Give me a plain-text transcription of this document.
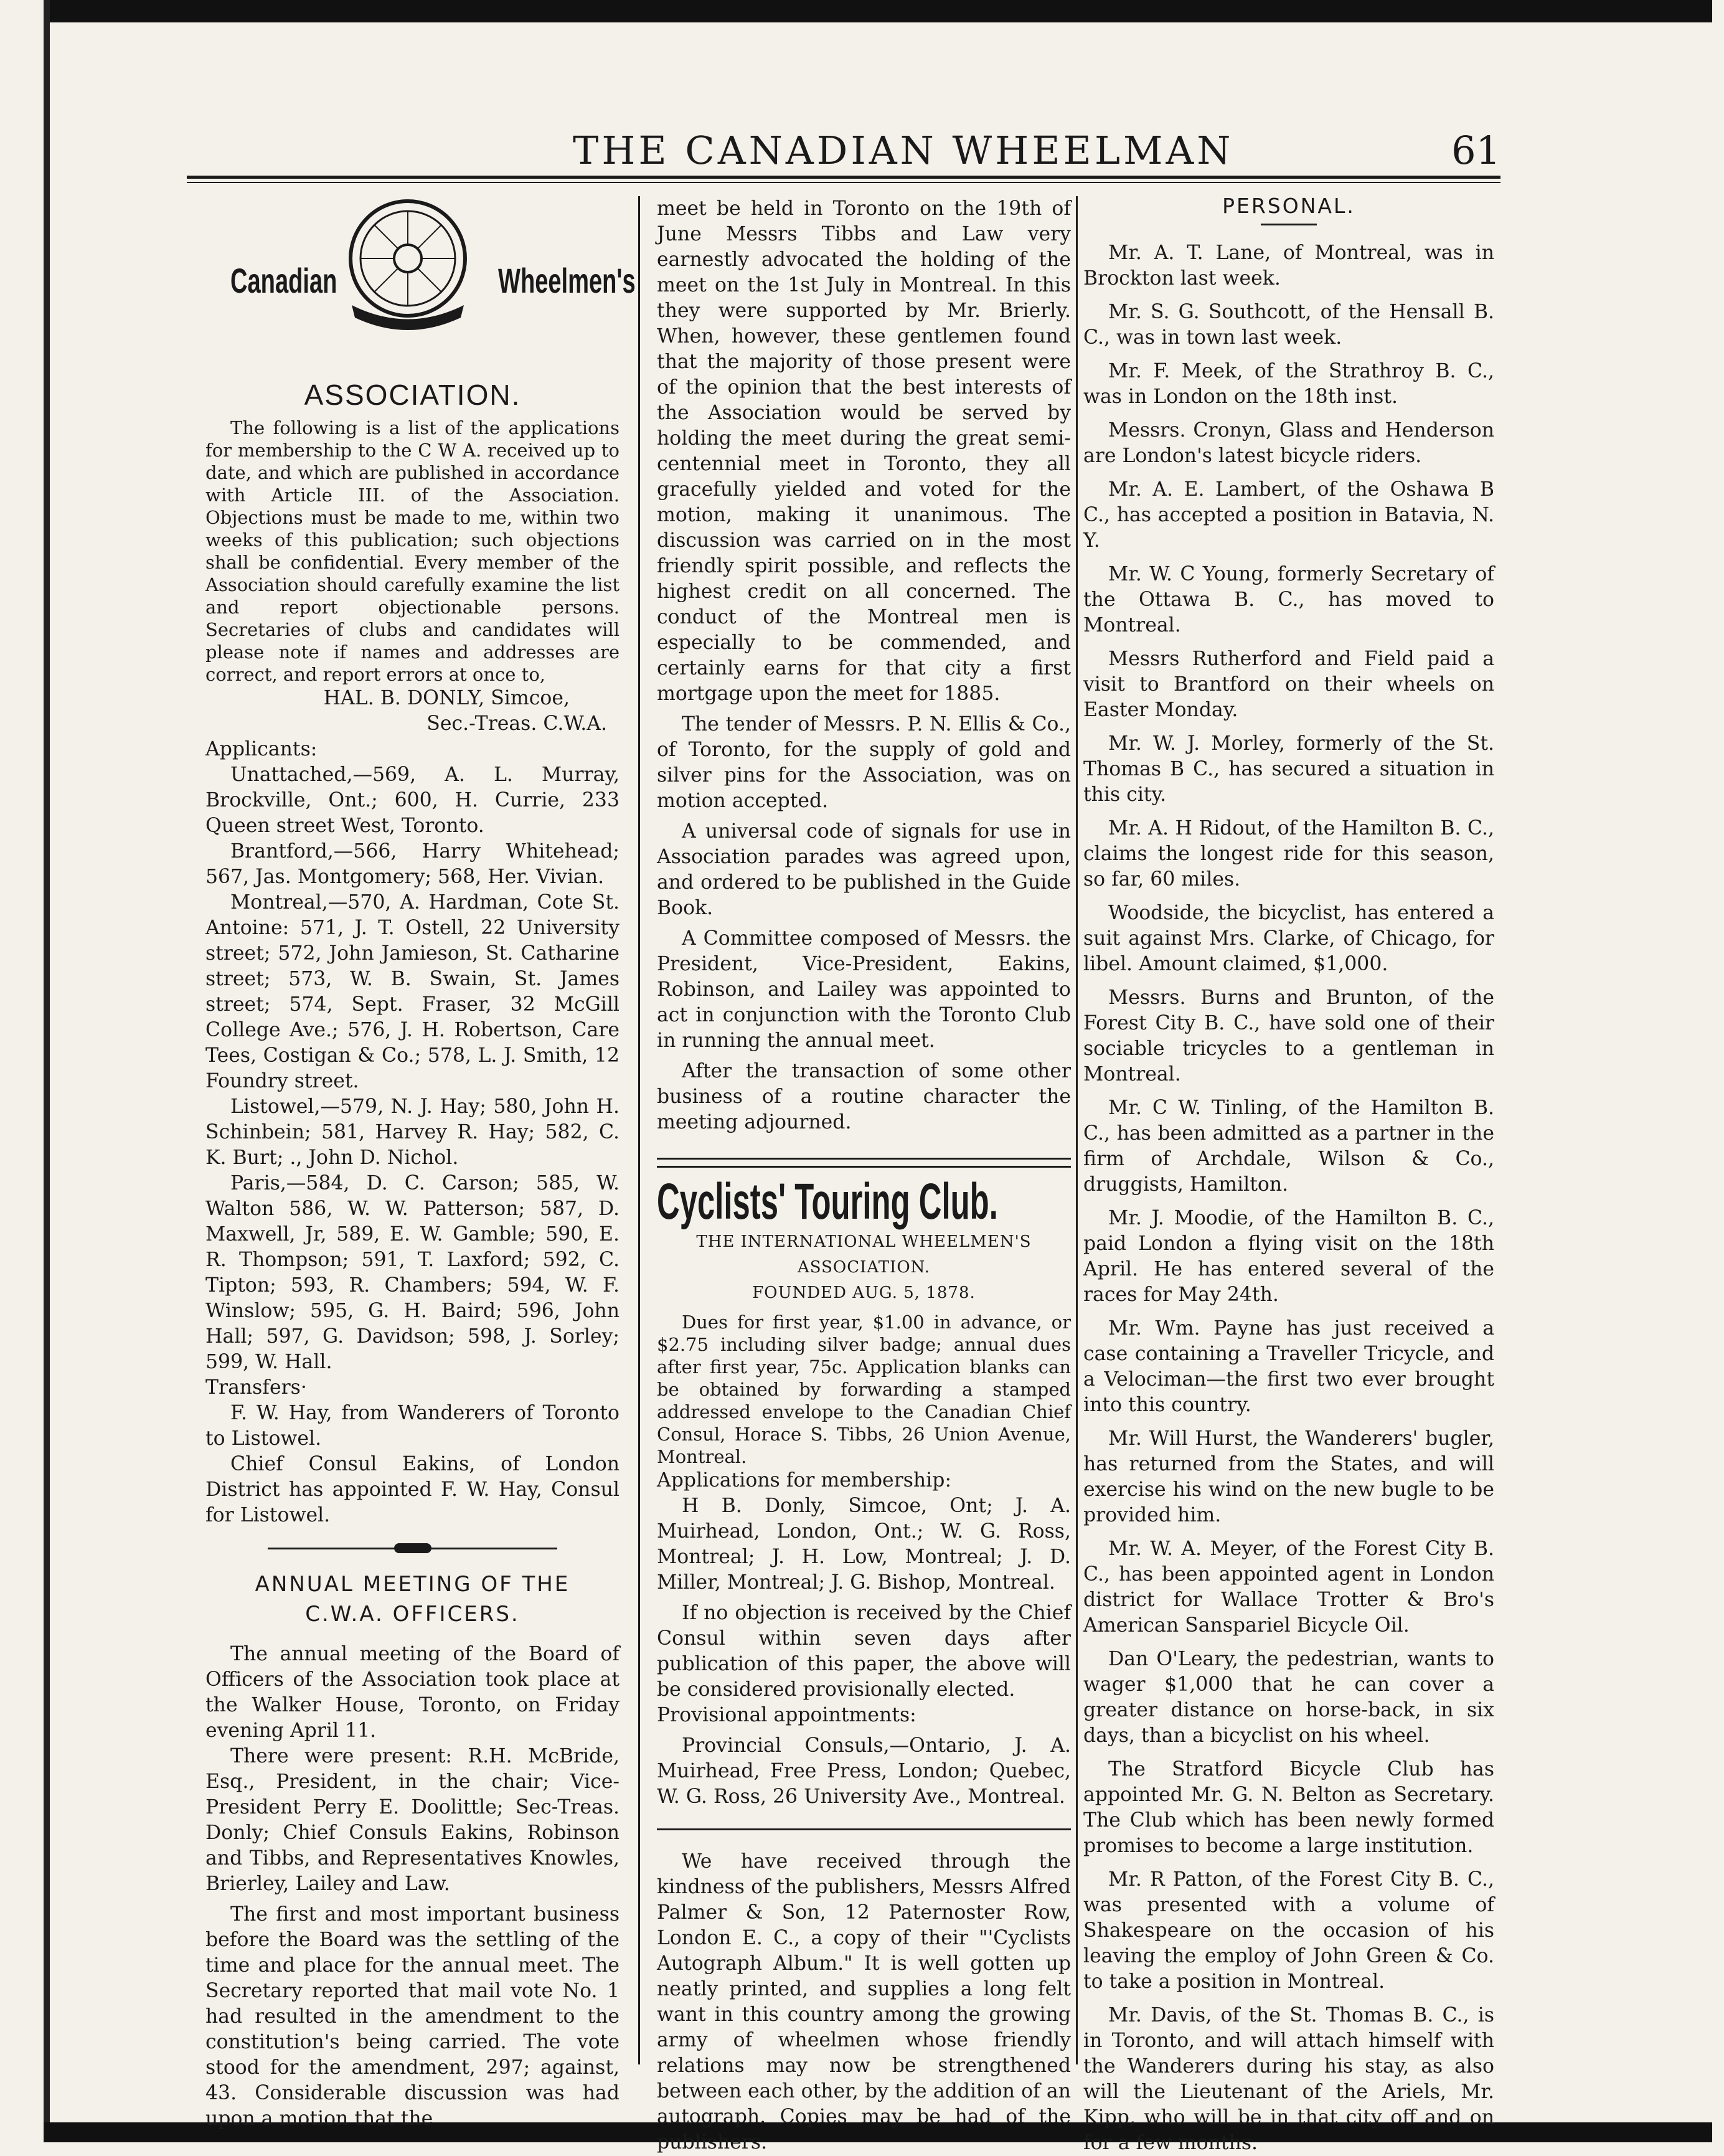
THE CANADIAN WHEELMAN	61
Canadian	Wheelmen's

ASSOCIATION.

The following is a list of the applications for membership to the C W A. received up to date, and which are published in accordance with Article III. of the Association. Objections must be made to me, within two weeks of this publication; such objections shall be confidential. Every member of the Association should carefully examine the list and report objectionable persons. Secretaries of clubs and candidates will please note if names and addresses are correct, and report errors at once to,

HAL. B. DONLY, Simcoe,

Sec.-Treas. C.W.A.

Applicants:

Unattached,—569, A. L. Murray, Brockville, Ont.; 600, H. Currie, 233 Queen street West, Toronto.

Brantford,—566, Harry Whitehead; 567, Jas. Montgomery; 568, Her. Vivian.

Montreal,—570, A. Hardman, Cote St. Antoine: 571, J. T. Ostell, 22 University street; 572, John Jamieson, St. Catharine street; 573, W. B. Swain, St. James street; 574, Sept. Fraser, 32 McGill College Ave.; 576, J. H. Robertson, Care Tees, Costigan & Co.; 578, L. J. Smith, 12 Foundry street.

Listowel,—579, N. J. Hay; 580, John H. Schinbein; 581, Harvey R. Hay; 582, C. K. Burt; ., John D. Nichol.

Paris,—584, D. C. Carson; 585, W. Walton 586, W. W. Patterson; 587, D. Maxwell, Jr, 589, E. W. Gamble; 590, E. R. Thompson; 591, T. Laxford; 592, C. Tipton; 593, R. Chambers; 594, W. F. Winslow; 595, G. H. Baird; 596, John Hall; 597, G. Davidson; 598, J. Sorley; 599, W. Hall.

Transfers·

F. W. Hay, from Wanderers of Toronto to Listowel.

Chief Consul Eakins, of London District has appointed F. W. Hay, Consul for Listowel.

ANNUAL MEETING OF THE
C.W.A. OFFICERS.

The annual meeting of the Board of Officers of the Association took place at the Walker House, Toronto, on Friday evening April 11.

There were present: R.H. McBride, Esq., President, in the chair; Vice-President Perry E. Doolittle; Sec-Treas. Donly; Chief Consuls Eakins, Robinson and Tibbs, and Representatives Knowles, Brierley, Lailey and Law.

The first and most important business before the Board was the settling of the time and place for the annual meet. The Secretary reported that mail vote No. 1 had resulted in the amendment to the constitution's being carried. The vote stood for the amendment, 297; against, 43. Considerable discussion was had upon a motion that the

meet be held in Toronto on the 19th of June Messrs Tibbs and Law very earnestly advocated the holding of the meet on the 1st July in Montreal. In this they were supported by Mr. Brierly. When, however, these gentlemen found that the majority of those present were of the opinion that the best interests of the Association would be served by holding the meet during the great semi-centennial meet in Toronto, they all gracefully yielded and voted for the motion, making it unanimous. The discussion was carried on in the most friendly spirit possible, and reflects the highest credit on all concerned. The conduct of the Montreal men is especially to be commended, and certainly earns for that city a first mortgage upon the meet for 1885.

The tender of Messrs. P. N. Ellis & Co., of Toronto, for the supply of gold and silver pins for the Association, was on motion accepted.

A universal code of signals for use in Association parades was agreed upon, and ordered to be published in the Guide Book.

A Committee composed of Messrs. the President, Vice-President, Eakins, Robinson, and Lailey was appointed to act in conjunction with the Toronto Club in running the annual meet.

After the transaction of some other business of a routine character the meeting adjourned.

Cyclists' Touring Club.

THE INTERNATIONAL WHEELMEN'S ASSOCIATION.

FOUNDED AUG. 5, 1878.

Dues for first year, $1.00 in advance, or $2.75 including silver badge; annual dues after first year, 75c. Application blanks can be obtained by forwarding a stamped addressed envelope to the Canadian Chief Consul, Horace S. Tibbs, 26 Union Avenue, Montreal.

Applications for membership:

H B. Donly, Simcoe, Ont; J. A. Muirhead, London, Ont.; W. G. Ross, Montreal; J. H. Low, Montreal; J. D. Miller, Montreal; J. G. Bishop, Montreal.

If no objection is received by the Chief Consul within seven days after publication of this paper, the above will be considered provisionally elected.

Provisional appointments:

Provincial Consuls,—Ontario, J. A. Muirhead, Free Press, London; Quebec, W. G. Ross, 26 University Ave., Montreal.

We have received through the kindness of the publishers, Messrs Alfred Palmer & Son, 12 Paternoster Row, London E. C., a copy of their "'Cyclists Autograph Album." It is well gotten up neatly printed, and supplies a long felt want in this country among the growing army of wheelmen whose friendly relations may now be strengthened between each other, by the addition of an autograph. Copies may be had of the publishers.

PERSONAL.

Mr. A. T. Lane, of Montreal, was in Brockton last week.

Mr. S. G. Southcott, of the Hensall B. C., was in town last week.

Mr. F. Meek, of the Strathroy B. C., was in London on the 18th inst.

Messrs. Cronyn, Glass and Henderson are London's latest bicycle riders.

Mr. A. E. Lambert, of the Oshawa B C., has accepted a position in Batavia, N. Y.

Mr. W. C Young, formerly Secretary of the Ottawa B. C., has moved to Montreal.

Messrs Rutherford and Field paid a visit to Brantford on their wheels on Easter Monday.

Mr. W. J. Morley, formerly of the St. Thomas B C., has secured a situation in this city.

Mr. A. H Ridout, of the Hamilton B. C., claims the longest ride for this season, so far, 60 miles.

Woodside, the bicyclist, has entered a suit against Mrs. Clarke, of Chicago, for libel. Amount claimed, $1,000.

Messrs. Burns and Brunton, of the Forest City B. C., have sold one of their sociable tricycles to a gentleman in Montreal.

Mr. C W. Tinling, of the Hamilton B. C., has been admitted as a partner in the firm of Archdale, Wilson & Co., druggists, Hamilton.

Mr. J. Moodie, of the Hamilton B. C., paid London a flying visit on the 18th April. He has entered several of the races for May 24th.

Mr. Wm. Payne has just received a case containing a Traveller Tricycle, and a Velociman—the first two ever brought into this country.

Mr. Will Hurst, the Wanderers' bugler, has returned from the States, and will exercise his wind on the new bugle to be provided him.

Mr. W. A. Meyer, of the Forest City B. C., has been appointed agent in London district for Wallace Trotter & Bro's American Sanspariel Bicycle Oil.

Dan O'Leary, the pedestrian, wants to wager $1,000 that he can cover a greater distance on horse-back, in six days, than a bicyclist on his wheel.

The Stratford Bicycle Club has appointed Mr. G. N. Belton as Secretary. The Club which has been newly formed promises to become a large institution.

Mr. R Patton, of the Forest City B. C., was presented with a volume of Shakespeare on the occasion of his leaving the employ of John Green & Co. to take a position in Montreal.

Mr. Davis, of the St. Thomas B. C., is in Toronto, and will attach himself with the Wanderers during his stay, as also will the Lieutenant of the Ariels, Mr. Kipp, who will be in that city off and on for a few months.
